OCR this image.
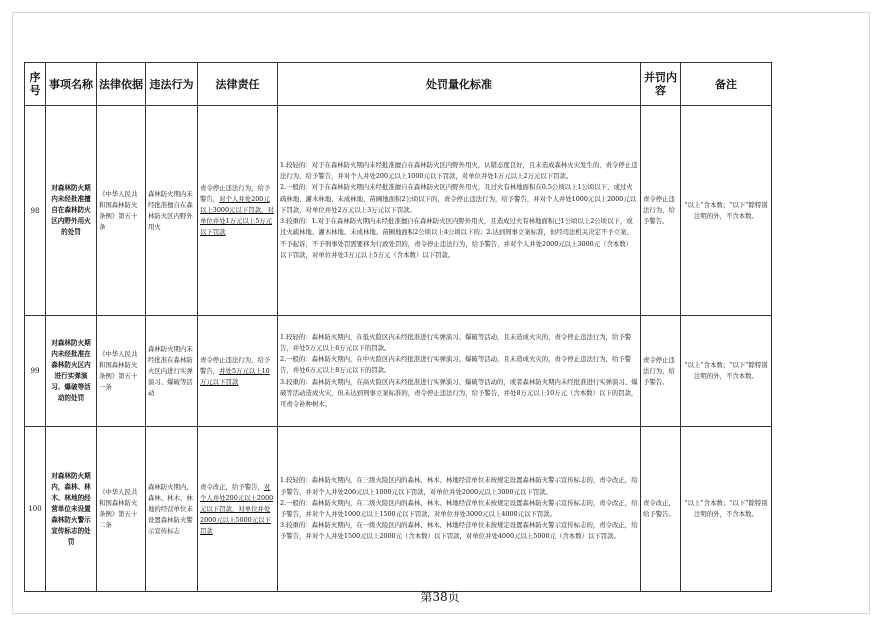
序号	事项名称	法律依据	违法行为	法律责任	处罚量化标准	并罚内容	备注
98	对森林防火期内未经批准擅自在森林防火区内野外用火的处罚	《中华人民共和国森林防火条例》第五十条	森林防火期内未经批准擅自在森林防火区内野外用火	责令停止违法行为，给予警告，对个人并处200元以上3000元以下罚款，对单位并处1万元以上5万元以下罚款	1.较轻的：对于在森林防火期内未经批准擅自在森林防火区内野外用火，认错态度良好，且未造成森林火灾发生的，责令停止违法行为，给予警告，并对个人并处200元以上1000元以下罚款，对单位并处1万元以上2万元以下罚款。

2.一般的：对于在森林防火期内未经批准擅自在森林防火区内野外用火，且过火有林地面积在0.5公顷以上1公顷以下，或过火疏林地、灌木林地、未成林地、苗圃地面积2公顷以下的，责令停止违法行为，给予警告，并对个人并处1000元以上2000元以下罚款，对单位并处2万元以上3万元以下罚款。

3.较重的：1.对于在森林防火期内未经批准擅自在森林防火区内野外用火，且造成过火有林地面积已1公顷以上2公顷以下，或过火疏林地、灌木林地、未成林地、苗圃地面积2公顷以上4公顷以下的；2.达到刑事立案标准，但经司法机关决定不予立案、不予起诉，不予刑事处罚需要移为行政处罚的，责令停止违法行为，给予警告，并对个人并处2000元以上3000元（含本数）以下罚款，对单位并处3万元以上5万元（含本数）以下罚款。	责令停止违法行为，给予警告。	“以上”含本数；“以下”除特别注明的外，不含本数。
99	对森林防火期内未经批准在森林防火区内进行实弹演习、爆破等活动的处罚	《中华人民共和国森林防火条例》第五十一条	森林防火期内未经批准在森林防火区内进行实弹演习、爆破等活动	责令停止违法行为，给予警告，并处5万元以上10万元以下罚款	1.较轻的：森林防火期内，在低火险区内未经批准进行实弹演习、爆破等活动，且未造成火灾的，责令停止违法行为，给予警告，并处5万元以上6万元以下的罚款。

2.一般的：森林防火期内，在中火险区内未经批准进行实弹演习、爆破等活动，且未造成火灾的，责令停止违法行为，给予警告，并处6万元以上8万元以下的罚款。

3.较重的：森林防火期内，在高火险区内未经批准进行实弹演习、爆破等活动的，或者森林防火期内未经批准进行实弹演习、爆破等活动造成火灾，但未达到刑事立案标准的，责令停止违法行为，给予警告，并处8万元以上10万元（含本数）以下的罚款，可责令补种树木。	责令停止违法行为，给予警告。	“以上”含本数；“以下”除特别注明的外，不含本数。
100	对森林防火期内，森林、林木、林地的经营单位未设置森林防火警示宣传标志的处罚	《中华人民共和国森林防火条例》第五十二条	森林防火期内，森林、林木、林地的经营单位未设置森林防火警示宣传标志	责令改正，给予警告，对个人并处200元以上2000元以下罚款，对单位并处2000元以上5000元以下罚款	1.较轻的：森林防火期内，在三级火险区内的森林、林木、林地经营单位未按规定设置森林防火警示宣传标志的，责令改正，给予警告，并对个人并处200元以上1000元以下罚款，对单位并处2000元以上3000元以下罚款。

2.一般的：森林防火期内，在二级火险区内的森林、林木、林地经营单位未按规定设置森林防火警示宣传标志的，责令改正，给予警告，并对个人并处1000元以上1500元以下罚款，对单位并处3000元以上4000元以下罚款。

3.较重的：森林防火期内，在一级火险区内的森林、林木、林地经营单位未按规定设置森林防火警示宣传标志的，责令改正，给予警告，并对个人并处1500元以上2000元（含本数）以下罚款，对单位并处4000元以上5000元（含本数）以下罚款。	责令改正，给予警告。	“以上”含本数；“以下”除特别注明的外，不含本数。
第38页
